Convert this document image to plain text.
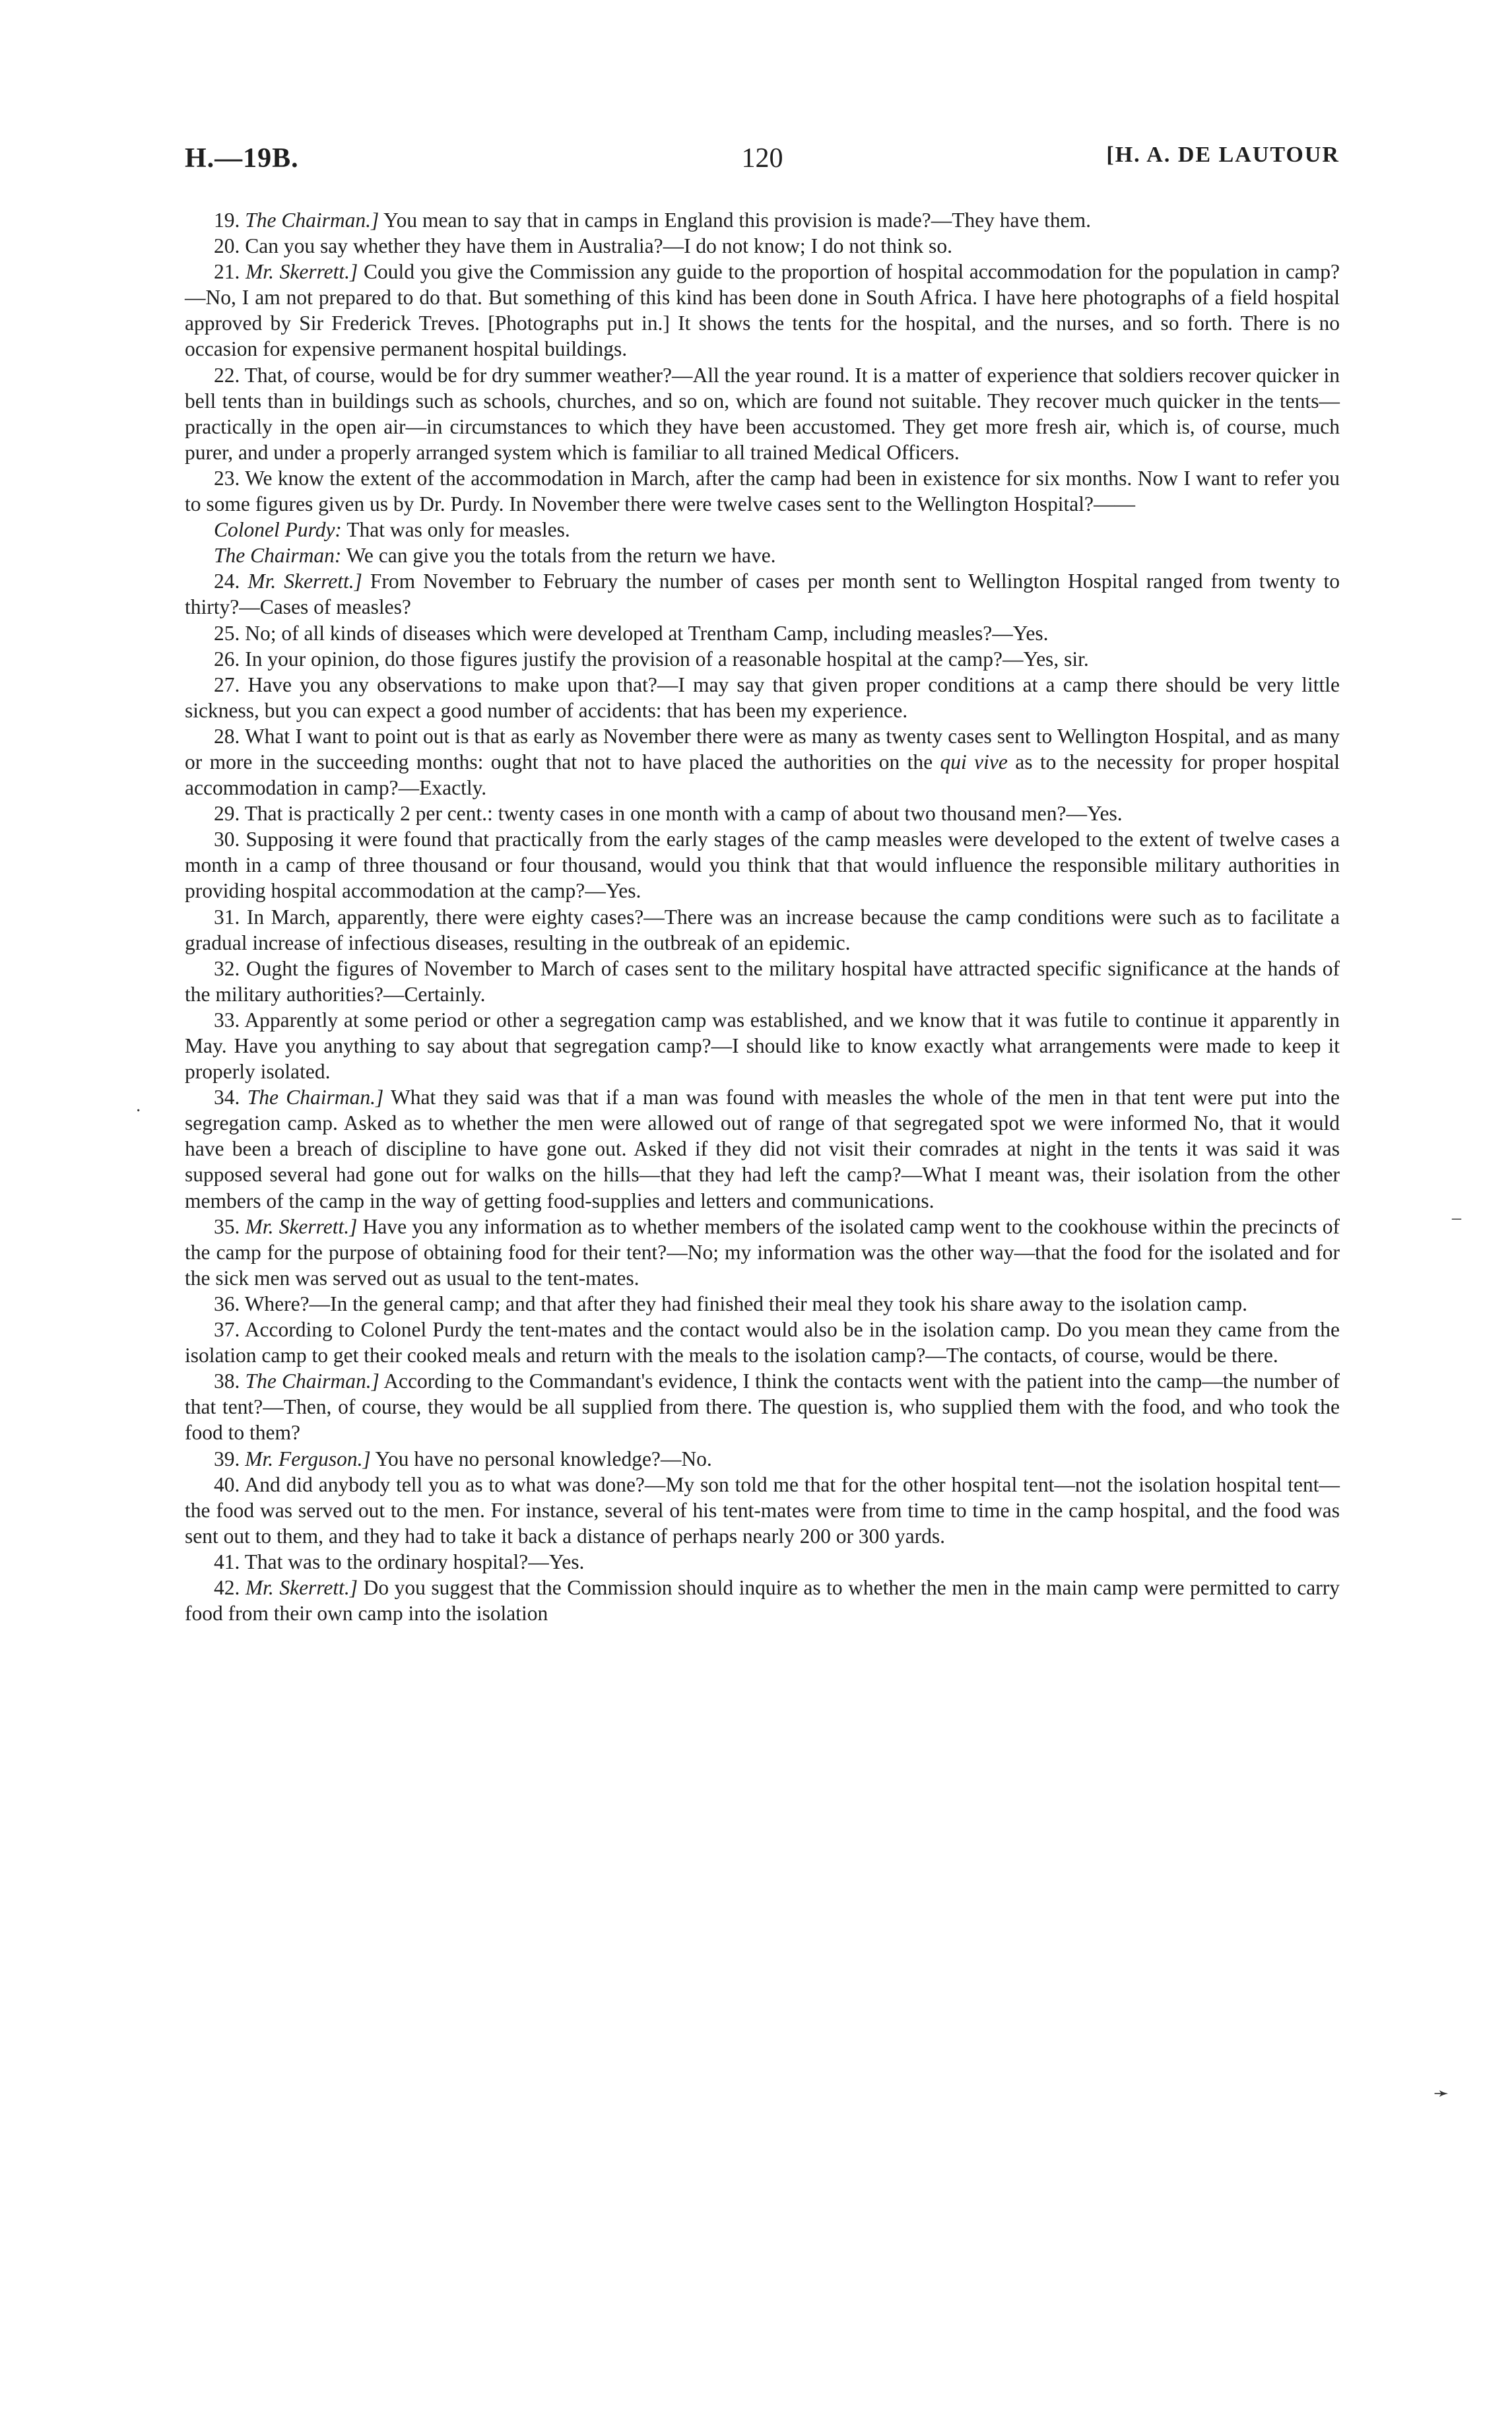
H.—19B.	120	[H. A. DE LAUTOUR

19. The Chairman.] You mean to say that in camps in England this provision is made?—They have them.

20. Can you say whether they have them in Australia?—I do not know; I do not think so.

21. Mr. Skerrett.] Could you give the Commission any guide to the proportion of hospital accommodation for the population in camp?—No, I am not prepared to do that. But something of this kind has been done in South Africa. I have here photographs of a field hospital approved by Sir Frederick Treves. [Photographs put in.] It shows the tents for the hospital, and the nurses, and so forth. There is no occasion for expensive permanent hospital buildings.

22. That, of course, would be for dry summer weather?—All the year round. It is a matter of experience that soldiers recover quicker in bell tents than in buildings such as schools, churches, and so on, which are found not suitable. They recover much quicker in the tents—practically in the open air—in circumstances to which they have been accustomed. They get more fresh air, which is, of course, much purer, and under a properly arranged system which is familiar to all trained Medical Officers.

23. We know the extent of the accommodation in March, after the camp had been in existence for six months. Now I want to refer you to some figures given us by Dr. Purdy. In November there were twelve cases sent to the Wellington Hospital?——

Colonel Purdy: That was only for measles.

The Chairman: We can give you the totals from the return we have.

24. Mr. Skerrett.] From November to February the number of cases per month sent to Wellington Hospital ranged from twenty to thirty?—Cases of measles?

25. No; of all kinds of diseases which were developed at Trentham Camp, including measles?—Yes.

26. In your opinion, do those figures justify the provision of a reasonable hospital at the camp?—Yes, sir.

27. Have you any observations to make upon that?—I may say that given proper conditions at a camp there should be very little sickness, but you can expect a good number of accidents: that has been my experience.

28. What I want to point out is that as early as November there were as many as twenty cases sent to Wellington Hospital, and as many or more in the succeeding months: ought that not to have placed the authorities on the qui vive as to the necessity for proper hospital accommodation in camp?—Exactly.

29. That is practically 2 per cent.: twenty cases in one month with a camp of about two thousand men?—Yes.

30. Supposing it were found that practically from the early stages of the camp measles were developed to the extent of twelve cases a month in a camp of three thousand or four thousand, would you think that that would influence the responsible military authorities in providing hospital accommodation at the camp?—Yes.

31. In March, apparently, there were eighty cases?—There was an increase because the camp conditions were such as to facilitate a gradual increase of infectious diseases, resulting in the outbreak of an epidemic.

32. Ought the figures of November to March of cases sent to the military hospital have attracted specific significance at the hands of the military authorities?—Certainly.

33. Apparently at some period or other a segregation camp was established, and we know that it was futile to continue it apparently in May. Have you anything to say about that segregation camp?—I should like to know exactly what arrangements were made to keep it properly isolated.

34. The Chairman.] What they said was that if a man was found with measles the whole of the men in that tent were put into the segregation camp. Asked as to whether the men were allowed out of range of that segregated spot we were informed No, that it would have been a breach of discipline to have gone out. Asked if they did not visit their comrades at night in the tents it was said it was supposed several had gone out for walks on the hills—that they had left the camp?—What I meant was, their isolation from the other members of the camp in the way of getting food-supplies and letters and communications.

35. Mr. Skerrett.] Have you any information as to whether members of the isolated camp went to the cookhouse within the precincts of the camp for the purpose of obtaining food for their tent?—No; my information was the other way—that the food for the isolated and for the sick men was served out as usual to the tent-mates.

36. Where?—In the general camp; and that after they had finished their meal they took his share away to the isolation camp.

37. According to Colonel Purdy the tent-mates and the contact would also be in the isolation camp. Do you mean they came from the isolation camp to get their cooked meals and return with the meals to the isolation camp?—The contacts, of course, would be there.

38. The Chairman.] According to the Commandant's evidence, I think the contacts went with the patient into the camp—the number of that tent?—Then, of course, they would be all supplied from there. The question is, who supplied them with the food, and who took the food to them?

39. Mr. Ferguson.] You have no personal knowledge?—No.

40. And did anybody tell you as to what was done?—My son told me that for the other hospital tent—not the isolation hospital tent—the food was served out to the men. For instance, several of his tent-mates were from time to time in the camp hospital, and the food was sent out to them, and they had to take it back a distance of perhaps nearly 200 or 300 yards.

41. That was to the ordinary hospital?—Yes.

42. Mr. Skerrett.] Do you suggest that the Commission should inquire as to whether the men in the main camp were permitted to carry food from their own camp into the isolation

–
·
➛
